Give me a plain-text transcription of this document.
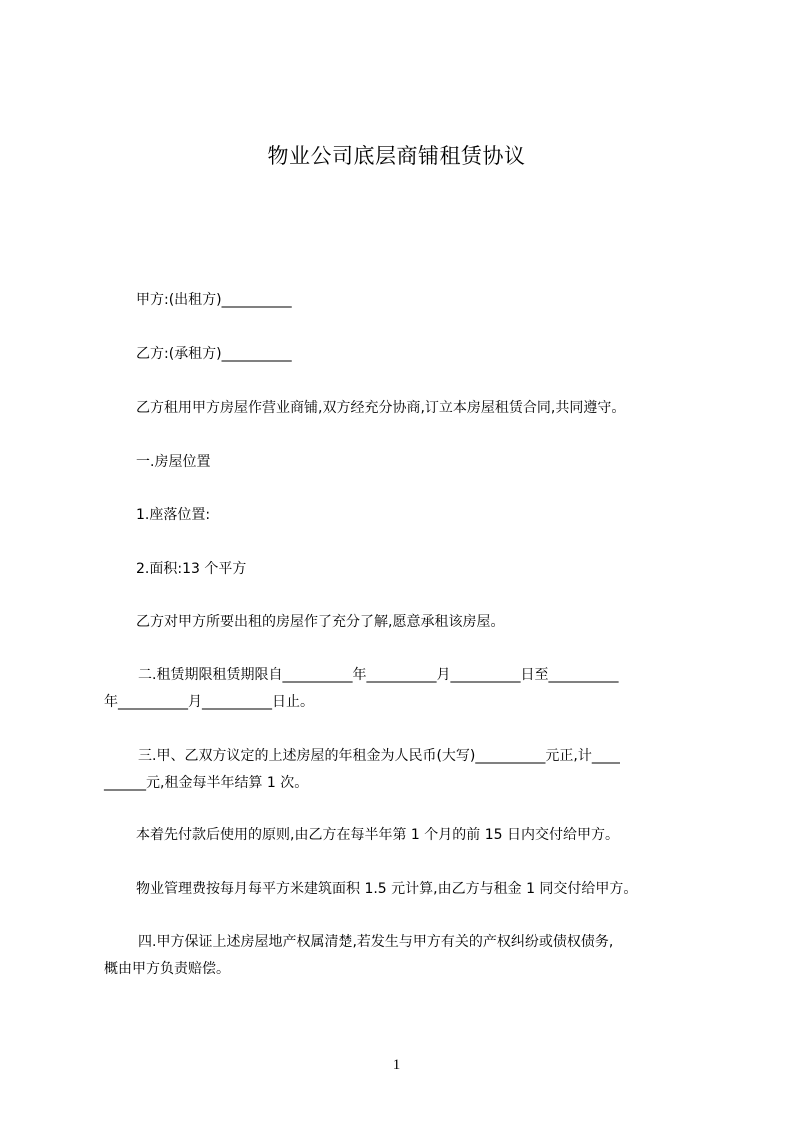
物业公司底层商铺租赁协议
甲方:(出租方)__________
乙方:(承租方)__________
乙方租用甲方房屋作营业商铺,双方经充分协商,订立本房屋租赁合同,共同遵守。
一.房屋位置
1.座落位置:
2.面积:13 个平方
乙方对甲方所要出租的房屋作了充分了解,愿意承租该房屋。
二.租赁期限租赁期限自__________年__________月__________日至__________
年__________月__________日止。
三.甲、乙双方议定的上述房屋的年租金为人民币(大写)__________元正,计____
______元,租金每半年结算 1 次。
本着先付款后使用的原则,由乙方在每半年第 1 个月的前 15 日内交付给甲方。
物业管理费按每月每平方米建筑面积 1.5 元计算,由乙方与租金 1 同交付给甲方。
四.甲方保证上述房屋地产权属清楚,若发生与甲方有关的产权纠纷或债权债务,
概由甲方负责赔偿。
1
